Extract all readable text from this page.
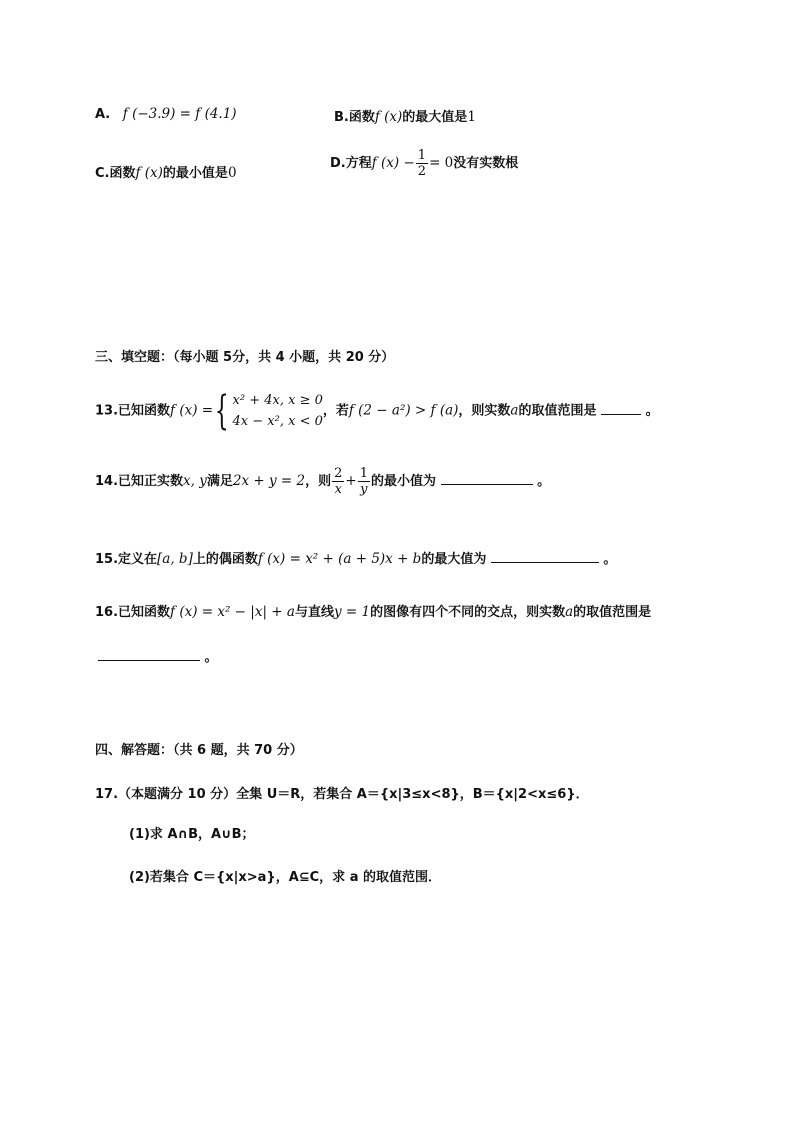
A. f (−3.9) = f (4.1)	B.函数f (x)的最大值是1
C.函数f (x)的最小值是0
D.方程f $(x) - \frac{1}{2} = 0$没有实数根
三、填空题：（每小题 5分，共 4 小题，共 20 分）
13.已知函数f (x) ={ x² + 4x, x ≥ 0
4x − x², x < 0
，若f (2 − a²) > f (a)，则实数a的取值范围是	。
14.已知正实数x, y满足2x + y = 2，则 $\frac{2}{x} + \frac{1}{y}$ 的最小值为	。
15.定义在[a, b]上的偶函数f (x) = x² + (a + 5)x + b的最大值为	。
16.已知函数f (x) = x² − |x| + a与直线y = 1的图像有四个不同的交点，则实数a的取值范围是
。
四、解答题：（共 6 题，共 70 分）
17.（本题满分 10 分）全集 U＝R，若集合 A＝{x|3≤x<8}，B＝{x|2<x≤6}．
(1)求 A∩B，A∪B；
(2)若集合 C＝{x|x>a}，A⊆C，求 a 的取值范围．
